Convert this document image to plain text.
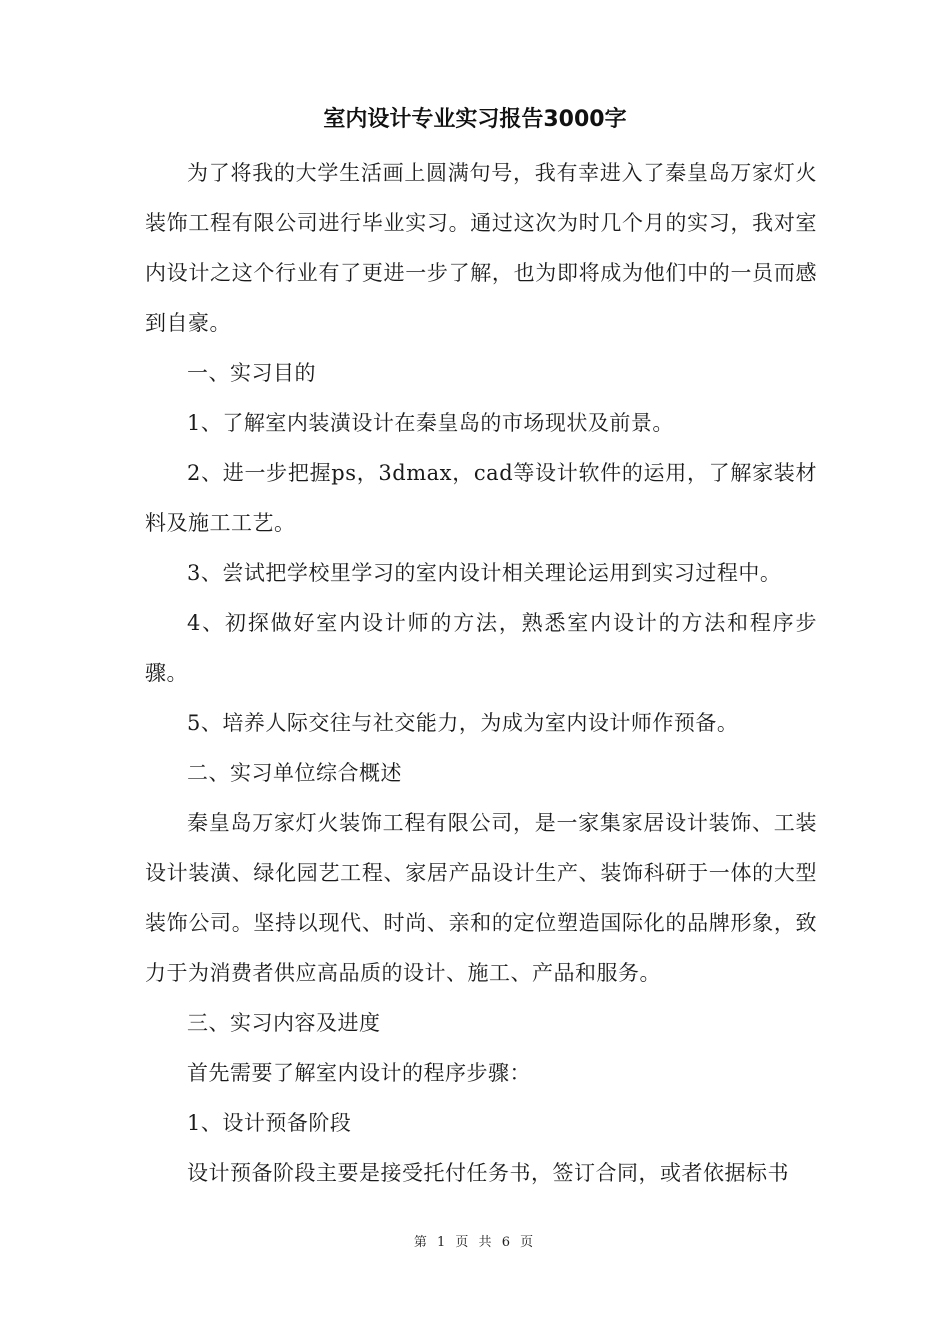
室内设计专业实习报告3000字

为了将我的大学生活画上圆满句号，我有幸进入了秦皇岛万家灯火装饰工程有限公司进行毕业实习。通过这次为时几个月的实习，我对室内设计之这个行业有了更进一步了解，也为即将成为他们中的一员而感到自豪。

一、实习目的

1、了解室内装潢设计在秦皇岛的市场现状及前景。

2、进一步把握ps，3dmax，cad等设计软件的运用，了解家装材料及施工工艺。

3、尝试把学校里学习的室内设计相关理论运用到实习过程中。

4、初探做好室内设计师的方法，熟悉室内设计的方法和程序步骤。

5、培养人际交往与社交能力，为成为室内设计师作预备。

二、实习单位综合概述

秦皇岛万家灯火装饰工程有限公司，是一家集家居设计装饰、工装设计装潢、绿化园艺工程、家居产品设计生产、装饰科研于一体的大型装饰公司。坚持以现代、时尚、亲和的定位塑造国际化的品牌形象，致力于为消费者供应高品质的设计、施工、产品和服务。

三、实习内容及进度

首先需要了解室内设计的程序步骤：

1、设计预备阶段

设计预备阶段主要是接受托付任务书，签订合同，或者依据标书

第 1 页 共 6 页
